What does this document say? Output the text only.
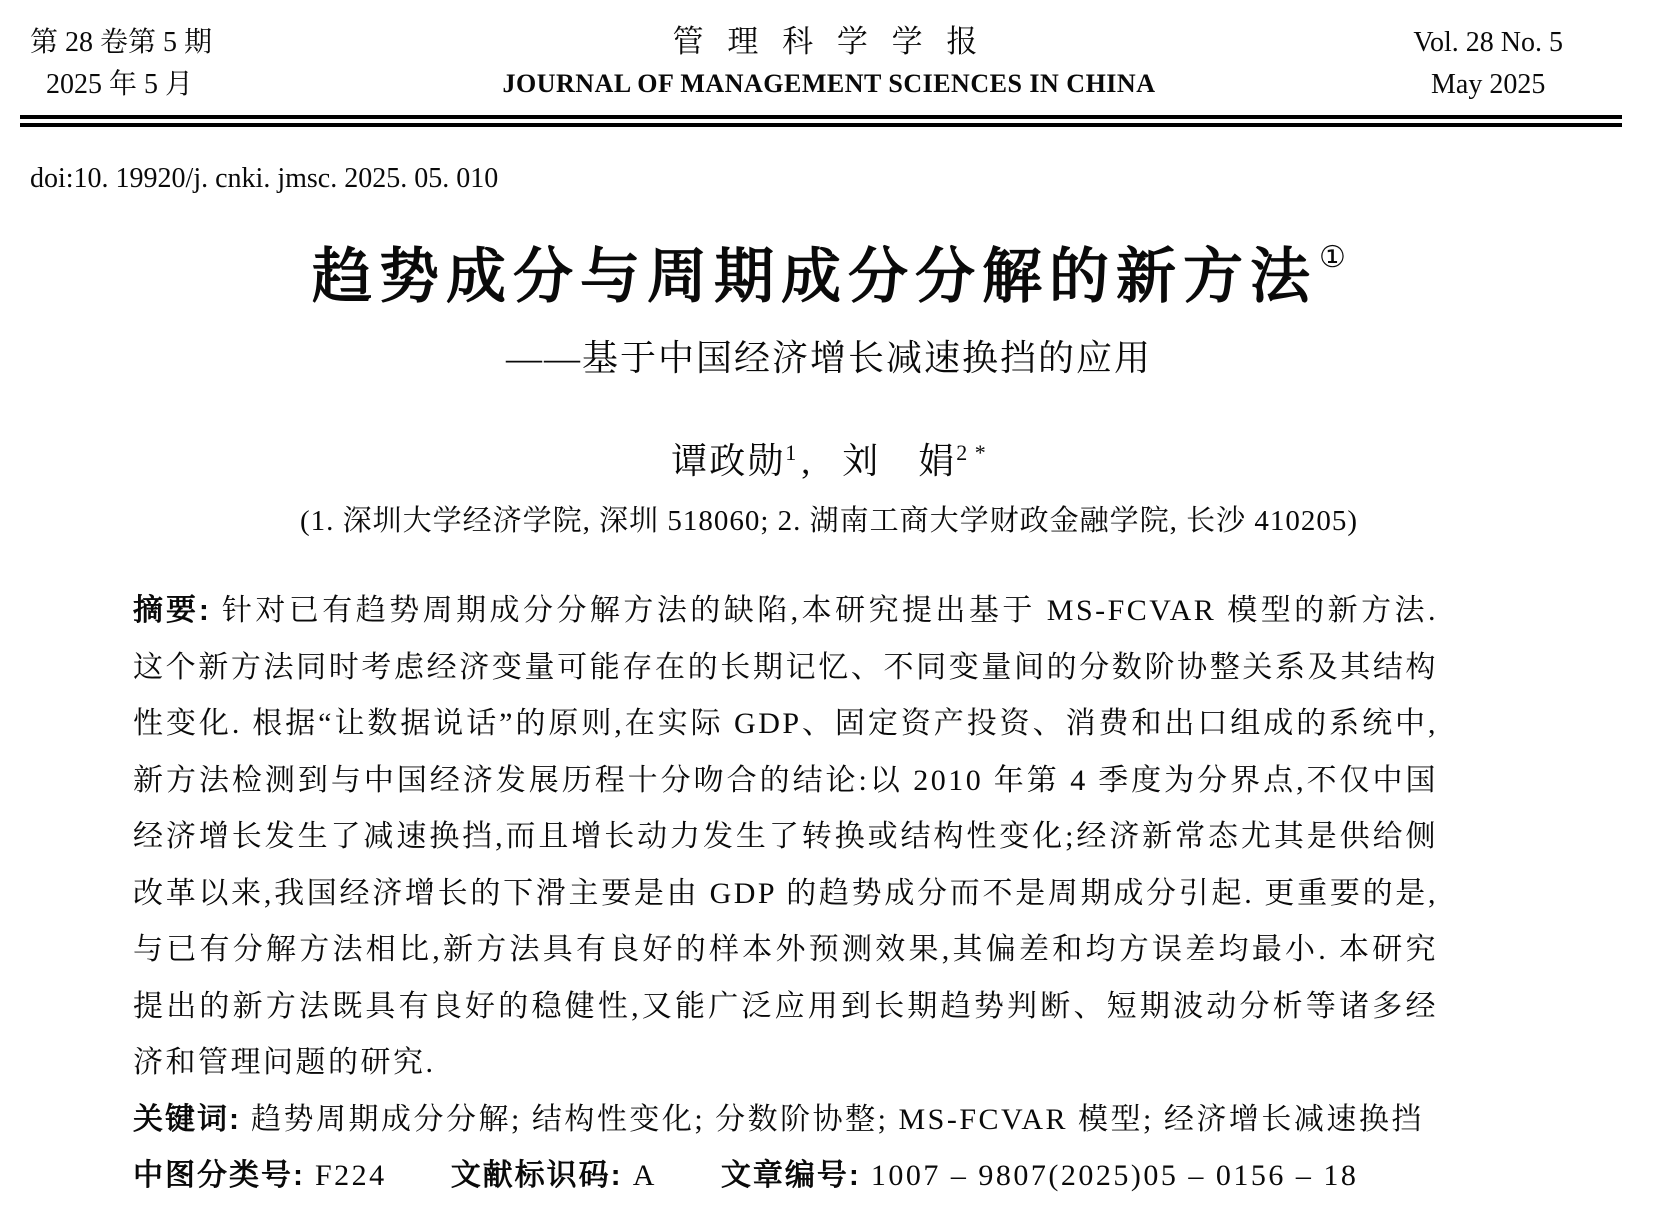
第 28 卷第 5 期
2025 年 5 月
管 理 科 学 学 报
JOURNAL OF MANAGEMENT SCIENCES IN CHINA
Vol. 28 No. 5
May 2025
doi:10. 19920/j. cnki. jmsc. 2025. 05. 010
趋势成分与周期成分分解的新方法①
——基于中国经济增长减速换挡的应用
谭政勋$^1$ , 刘　娟$^{2 *}$
(1. 深圳大学经济学院, 深圳 518060; 2. 湖南工商大学财政金融学院, 长沙 410205)

摘要: 针对已有趋势周期成分分解方法的缺陷,本研究提出基于 MS-FCVAR 模型的新方法. 这个新方法同时考虑经济变量可能存在的长期记忆、不同变量间的分数阶协整关系及其结构性变化. 根据“让数据说话”的原则,在实际 GDP、固定资产投资、消费和出口组成的系统中,新方法检测到与中国经济发展历程十分吻合的结论:以 2010 年第 4 季度为分界点,不仅中国经济增长发生了减速换挡,而且增长动力发生了转换或结构性变化;经济新常态尤其是供给侧改革以来,我国经济增长的下滑主要是由 GDP 的趋势成分而不是周期成分引起. 更重要的是,与已有分解方法相比,新方法具有良好的样本外预测效果,其偏差和均方误差均最小. 本研究提出的新方法既具有良好的稳健性,又能广泛应用到长期趋势判断、短期波动分析等诸多经济和管理问题的研究.

关键词: 趋势周期成分分解; 结构性变化; 分数阶协整; MS-FCVAR 模型; 经济增长减速换挡

中图分类号: F224 文献标识码: A 文章编号: 1007 – 9807(2025)05 – 0156 – 18
